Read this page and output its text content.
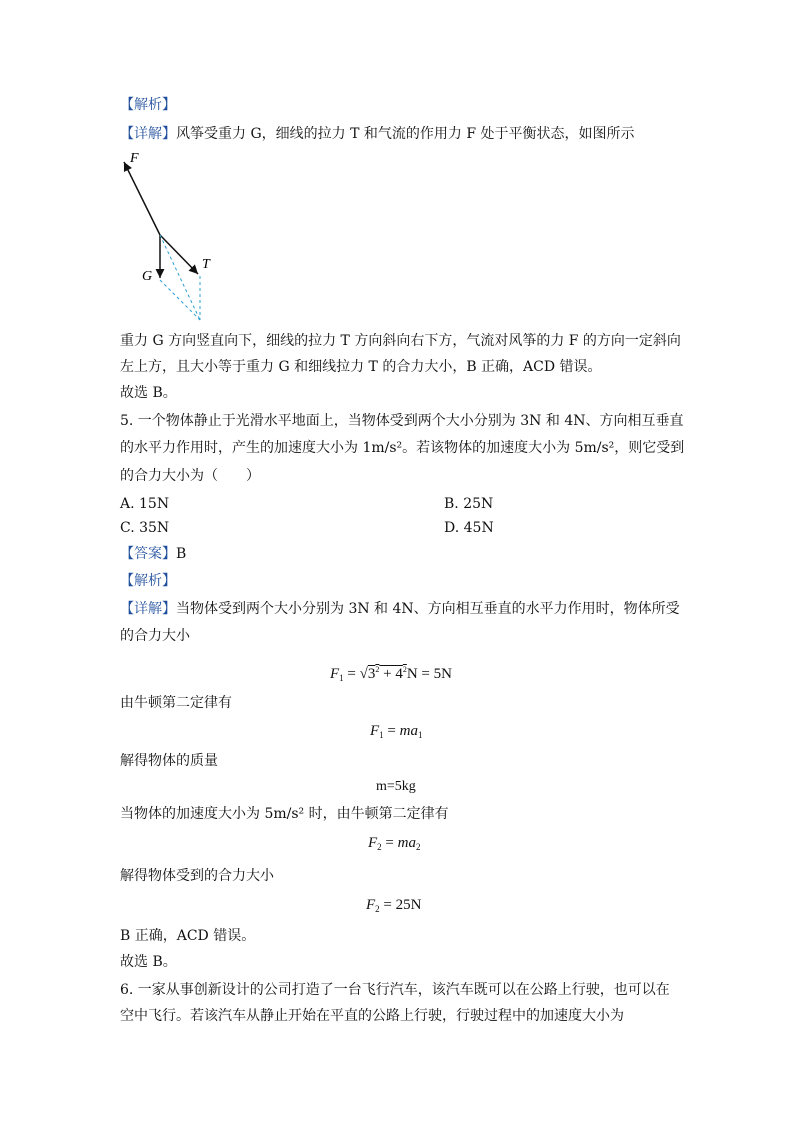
【解析】
【详解】风筝受重力 G，细线的拉力 T 和气流的作用力 F 处于平衡状态，如图所示
F
G
T
重力 G 方向竖直向下，细线的拉力 T 方向斜向右下方，气流对风筝的力 F 的方向一定斜向
左上方，且大小等于重力 G 和细线拉力 T 的合力大小，B 正确，ACD 错误。
故选 B。
5. 一个物体静止于光滑水平地面上，当物体受到两个大小分别为 3N 和 4N、方向相互垂直
的水平力作用时，产生的加速度大小为 1m/s²。若该物体的加速度大小为 5m/s²，则它受到
的合力大小为（　　）
A. 15N	B. 25N
C. 35N	D. 45N
【答案】B
【解析】
【详解】当物体受到两个大小分别为 3N 和 4N、方向相互垂直的水平力作用时，物体所受
的合力大小
$F_1 = √3^2 + 4^2N = 5N$
由牛顿第二定律有
$F_1 = ma_1$
解得物体的质量
m=5kg
当物体的加速度大小为 5m/s² 时，由牛顿第二定律有
$F_2 = ma_2$
解得物体受到的合力大小
$F_2 = 25N$
B 正确，ACD 错误。
故选 B。
6. 一家从事创新设计的公司打造了一台飞行汽车，该汽车既可以在公路上行驶，也可以在
空中飞行。若该汽车从静止开始在平直的公路上行驶，行驶过程中的加速度大小为
